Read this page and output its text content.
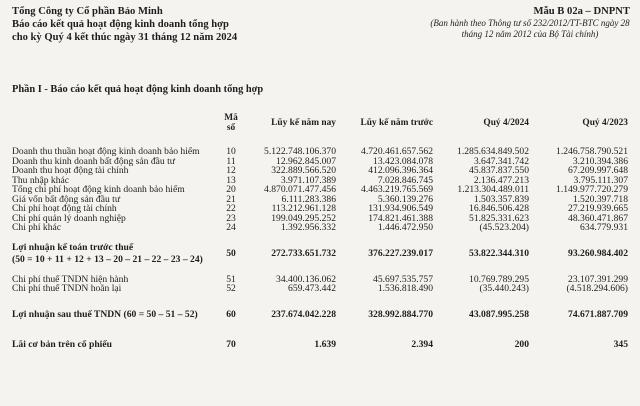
Tổng Công ty Cổ phần Bảo Minh
Báo cáo kết quả hoạt động kinh doanh tổng hợp
cho kỳ Quý 4 kết thúc ngày 31 tháng 12 năm 2024
Mẫu B 02a – DNPNT
(Ban hành theo Thông tư số 232/2012/TT-BTC ngày 28 tháng 12 năm 2012 của Bộ Tài chính)
Phần I - Báo cáo kết quả hoạt động kinh doanh tổng hợp

	Mã
số	Lũy kế năm nay	Lũy kế năm trước	Quý 4/2024	Quý 4/2023

Doanh thu thuần hoạt động kinh doanh bảo hiểm	10	5.122.748.106.370	4.720.461.657.562	1.285.634.849.502	1.246.758.790.521
Doanh thu kinh doanh bất động sản đầu tư	11	12.962.845.007	13.423.084.078	3.647.341.742	3.210.394.386
Doanh thu hoạt động tài chính	12	322.889.566.520	412.096.396.364	45.837.837.550	67.209.997.648
Thu nhập khác	13	3.971.107.389	7.028.846.745	2.136.477.213	3.795.111.307
Tổng chi phí hoạt động kinh doanh bảo hiểm	20	4.870.071.477.456	4.463.219.765.569	1.213.304.489.011	1.149.977.720.279
Giá vốn bất động sản đầu tư	21	6.111.283.386	5.360.139.276	1.503.357.839	1.520.397.718
Chi phí hoạt động tài chính	22	113.212.961.128	131.934.906.549	16.846.506.428	27.219.939.665
Chi phí quản lý doanh nghiệp	23	199.049.295.252	174.821.461.388	51.825.331.623	48.360.471.867
Chi phí khác	24	1.392.956.332	1.446.472.950	(45.523.204)	634.779.931

Lợi nhuận kế toán trước thuế	50	272.733.651.732	376.227.239.017	53.822.344.310	93.260.984.402
(50 = 10 + 11 + 12 + 13 – 20 – 21 – 22 – 23 – 24)					

Chi phí thuế TNDN hiện hành	51	34.400.136.062	45.697.535.757	10.769.789.295	23.107.391.299
Chi phí thuế TNDN hoãn lại	52	659.473.442	1.536.818.490	(35.440.243)	(4.518.294.606)

Lợi nhuận sau thuế TNDN (60 = 50 – 51 – 52)	60	237.674.042.228	328.992.884.770	43.087.995.258	74.671.887.709

Lãi cơ bản trên cổ phiếu	70	1.639	2.394	200	345
